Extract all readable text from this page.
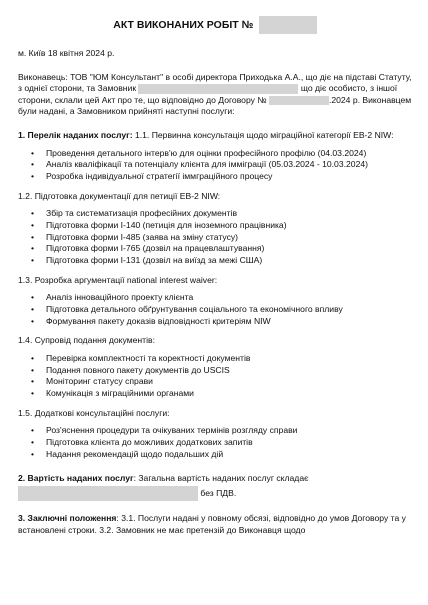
АКТ ВИКОНАНИХ РОБІТ №

м. Київ 18 квітня 2024 р.

Виконавець: ТОВ "ЮМ Консультант" в особі директора Приходька А.А., що діє на підставі Статуту, з однієї сторони, та Замовник	що діє особисто, з іншої сторони, склали цей Акт про те, що відповідно до Договору №	.2024 р. Виконавцем були надані, а Замовником прийняті наступні послуги:

1. Перелік наданих послуг: 1.1. Первинна консультація щодо міграційної категорії EB-2 NIW:

• Проведення детального інтерв'ю для оцінки професійного профілю (04.03.2024)
• Аналіз кваліфікації та потенціалу клієнта для імміграції (05.03.2024 - 10.03.2024)
• Розробка індивідуальної стратегії іммграційного процесу

1.2. Підготовка документації для петиції EB-2 NIW:

• Збір та систематизація професійних документів
• Підготовка форми I-140 (петиція для іноземного працівника)
• Підготовка форми I-485 (заява на зміну статусу)
• Підготовка форми I-765 (дозвіл на працевлаштування)
• Підготовка форми I-131 (дозвіл на виїзд за межі США)

1.3. Розробка аргументації national interest waiver:

• Аналіз інноваційного проекту клієнта
• Підготовка детального обґрунтування соціального та економічного впливу
• Формування пакету доказів відповідності критеріям NIW

1.4. Супровід подання документів:

• Перевірка комплектності та коректності документів
• Подання повного пакету документів до USCIS
• Моніторинг статусу справи
• Комунікація з міграційними органами

1.5. Додаткові консультаційні послуги:

• Роз'яснення процедури та очікуваних термінів розгляду справи
• Підготовка клієнта до можливих додаткових запитів
• Надання рекомендацій щодо подальших дій

2. Вартість наданих послуг: Загальна вартість наданих послуг складає

без ПДВ.

3. Заключні положення: 3.1. Послуги надані у повному обсязі, відповідно до умов Договору та у встановлені строки. 3.2. Замовник не має претензій до Виконавця щодо
